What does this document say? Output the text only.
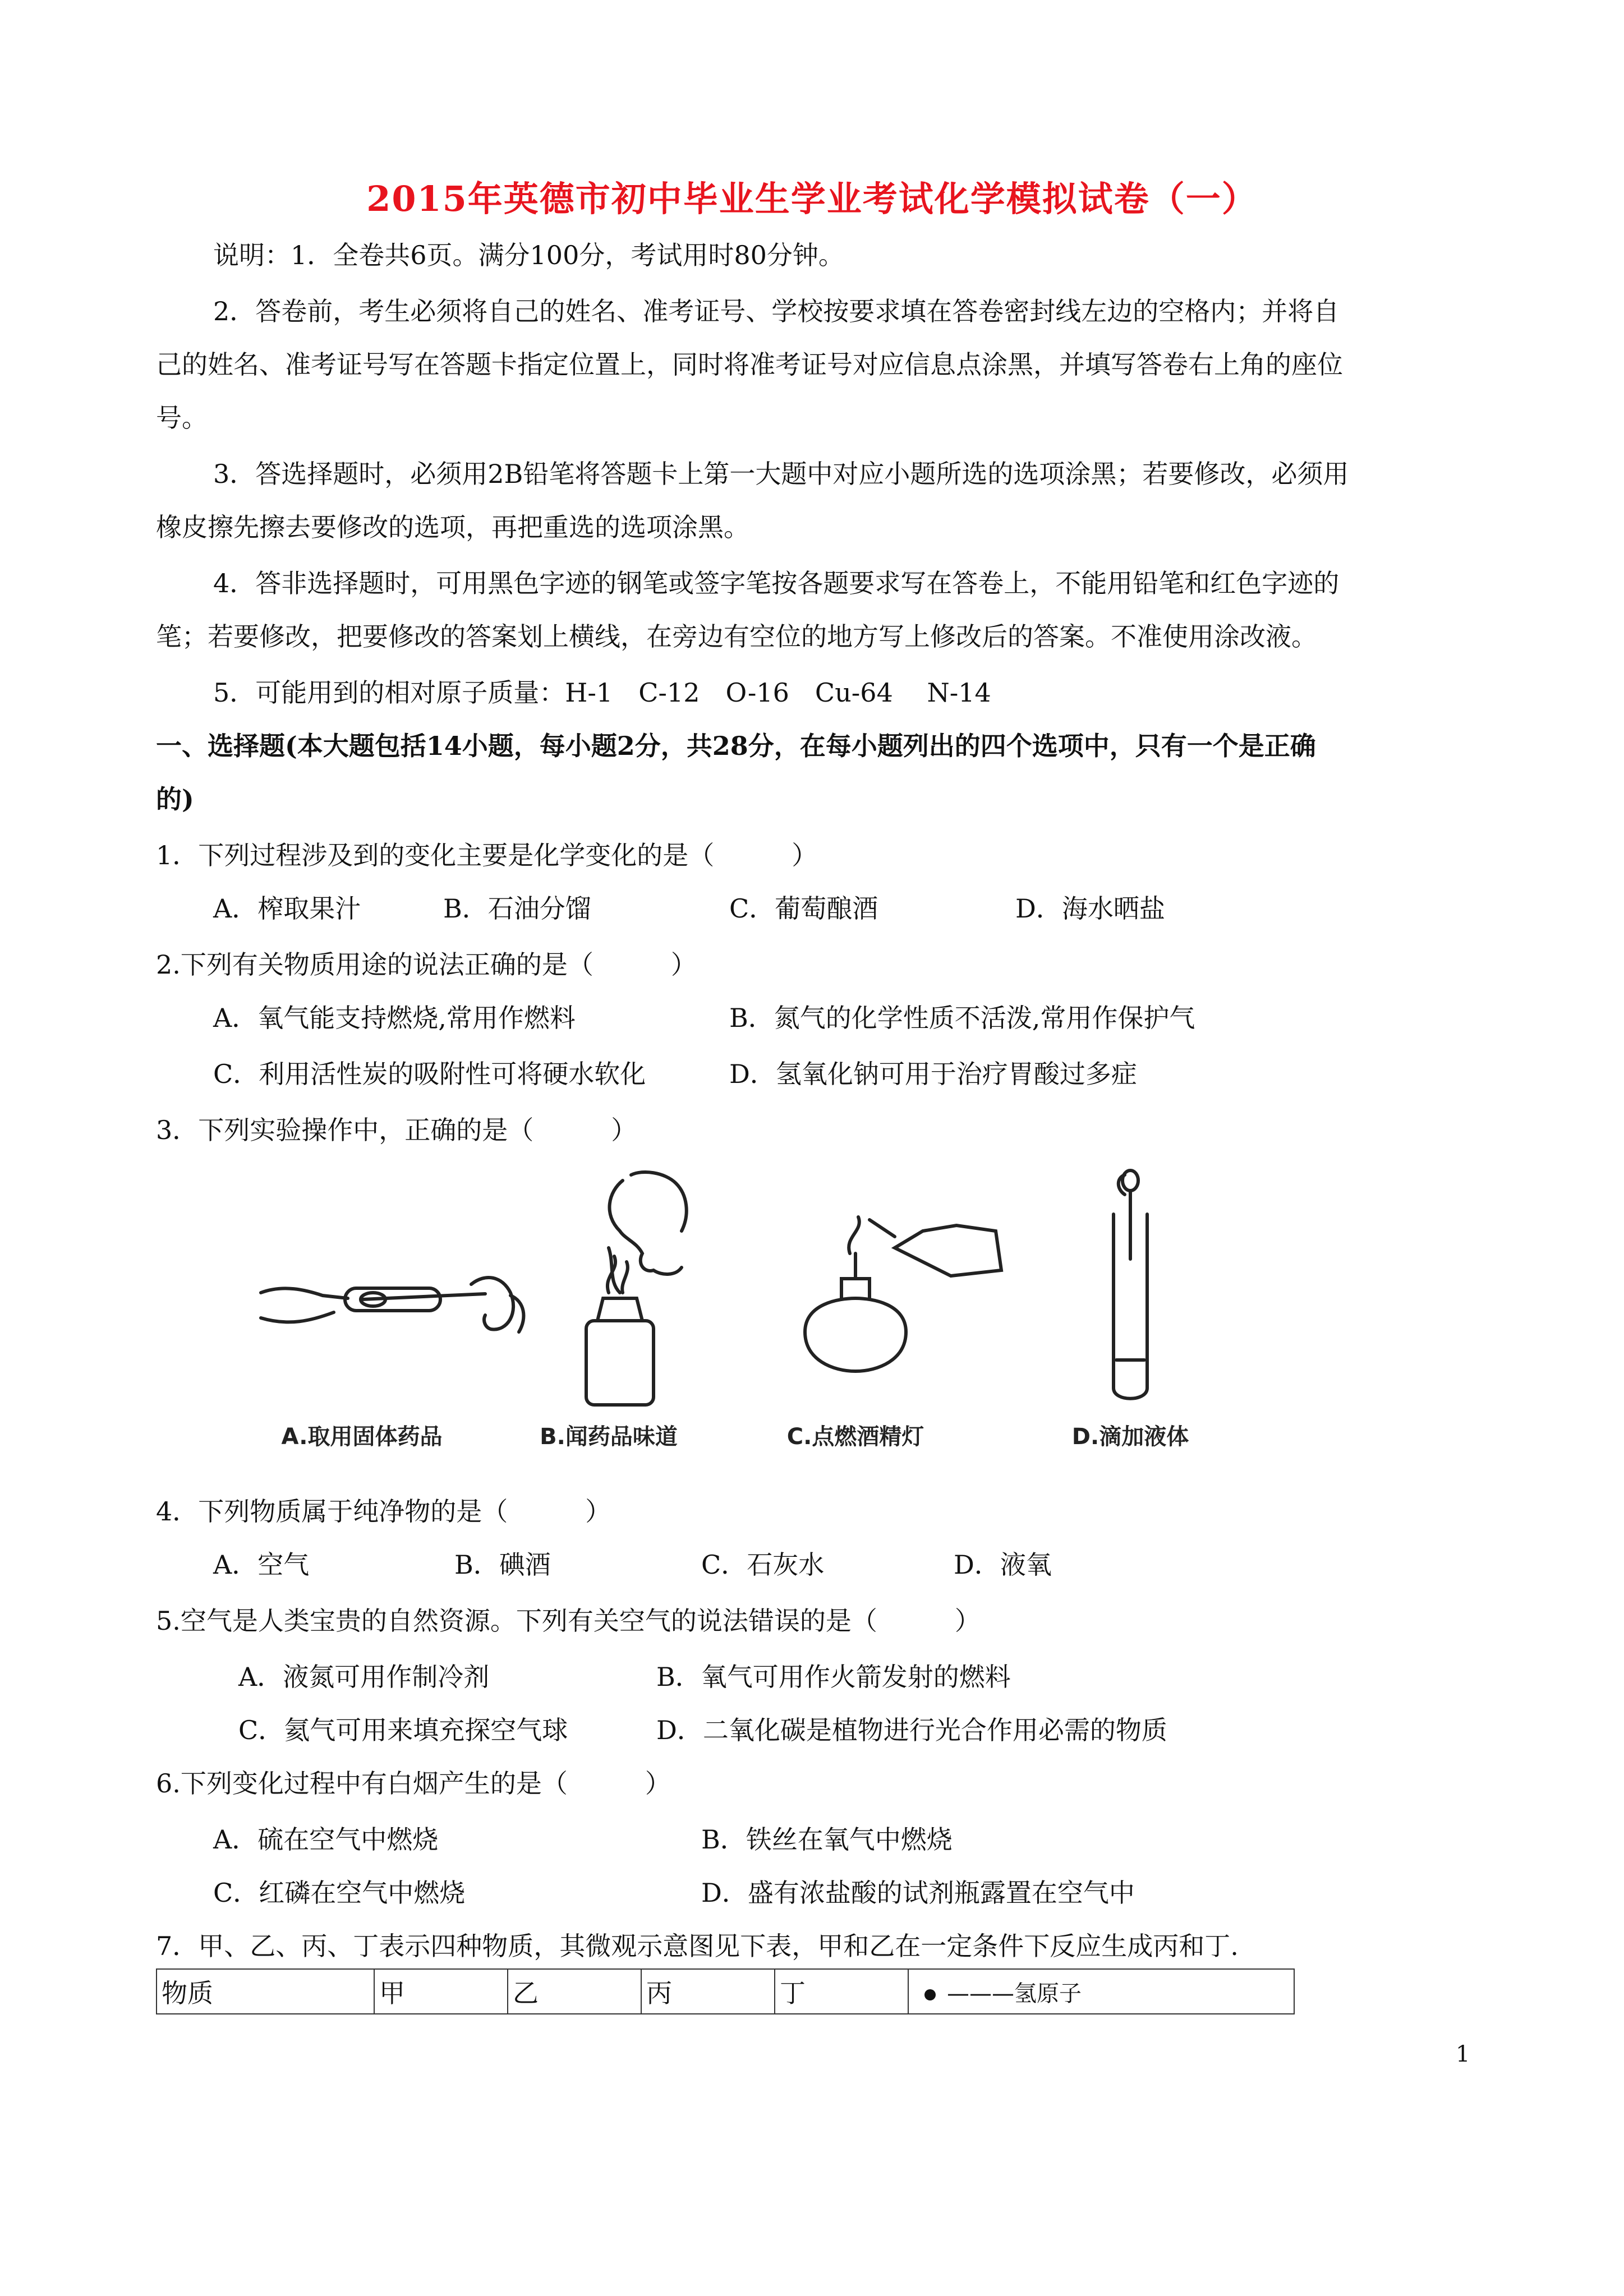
2015年英德市初中毕业生学业考试化学模拟试卷（一）
说明：1．全卷共6页。满分100分，考试用时80分钟。
2．答卷前，考生必须将自己的姓名、准考证号、学校按要求填在答卷密封线左边的空格内；并将自
己的姓名、准考证号写在答题卡指定位置上，同时将准考证号对应信息点涂黑，并填写答卷右上角的座位
号。
3．答选择题时，必须用2B铅笔将答题卡上第一大题中对应小题所选的选项涂黑；若要修改，必须用
橡皮擦先擦去要修改的选项，再把重选的选项涂黑。
4．答非选择题时，可用黑色字迹的钢笔或签字笔按各题要求写在答卷上，不能用铅笔和红色字迹的
笔；若要修改，把要修改的答案划上横线，在旁边有空位的地方写上修改后的答案。不准使用涂改液。
5．可能用到的相对原子质量：H-1　C-12　O-16　Cu-64　 N-14
一、选择题(本大题包括14小题，每小题2分，共28分，在每小题列出的四个选项中，只有一个是正确
的)
1．下列过程涉及到的变化主要是化学变化的是（　　　）
A．榨取果汁	B．石油分馏	C．葡萄酿酒	D．海水晒盐
2.下列有关物质用途的说法正确的是（　　　）
A．氧气能支持燃烧,常用作燃料	B．氮气的化学性质不活泼,常用作保护气
C．利用活性炭的吸附性可将硬水软化	D．氢氧化钠可用于治疗胃酸过多症
3．下列实验操作中，正确的是（　　　）
A.取用固体药品	B.闻药品味道	C.点燃酒精灯	D.滴加液体
4．下列物质属于纯净物的是（　　　）
A．空气	B．碘酒	C．石灰水	D．液氧
5.空气是人类宝贵的自然资源。下列有关空气的说法错误的是（　　　）
A．液氮可用作制冷剂	B．氧气可用作火箭发射的燃料
C．氦气可用来填充探空气球	D．二氧化碳是植物进行光合作用必需的物质
6.下列变化过程中有白烟产生的是（　　　）
A．硫在空气中燃烧	B．铁丝在氧气中燃烧
C．红磷在空气中燃烧	D．盛有浓盐酸的试剂瓶露置在空气中
7．甲、乙、丙、丁表示四种物质，其微观示意图见下表，甲和乙在一定条件下反应生成丙和丁.
物质	甲	乙	丙	丁	———氢原子
1
